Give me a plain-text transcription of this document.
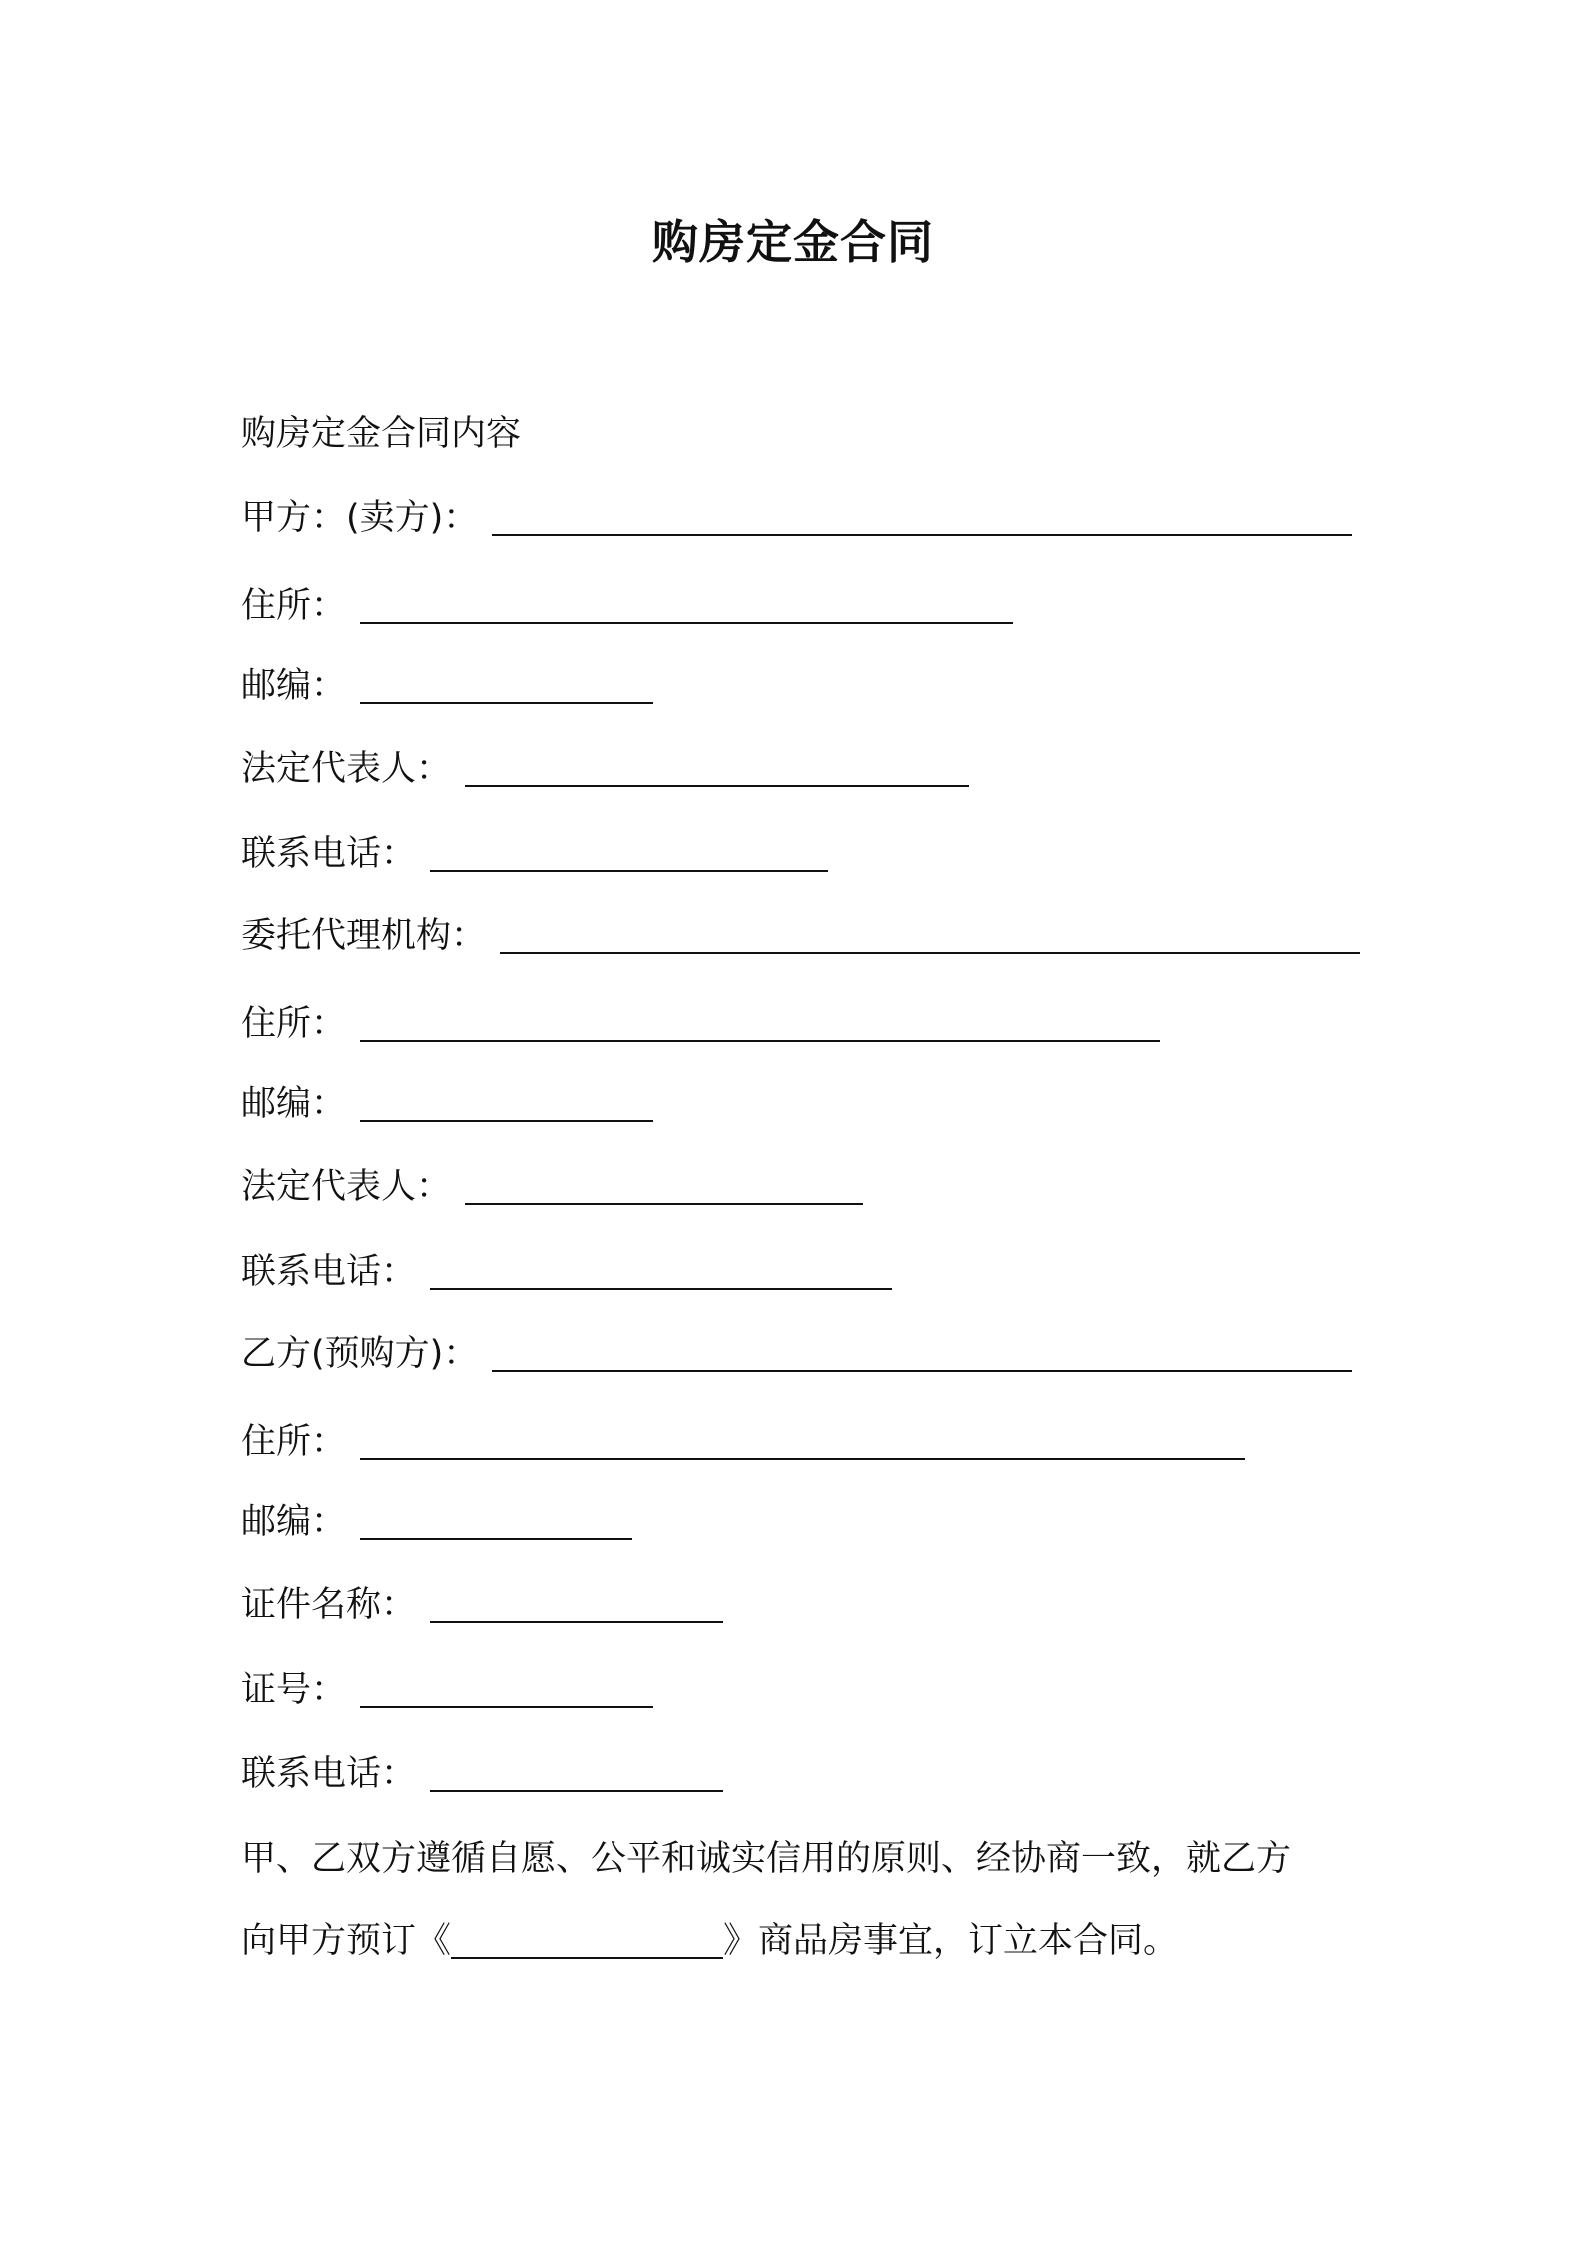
购房定金合同
购房定金合同内容
甲方：(卖方)：
住所：
邮编：
法定代表人：
联系电话：
委托代理机构：
住所：
邮编：
法定代表人：
联系电话：
乙方(预购方)：
住所：
邮编：
证件名称：
证号：
联系电话：
甲、乙双方遵循自愿、公平和诚实信用的原则、经协商一致，就乙方
向甲方预订《	》商品房事宜，订立本合同。
